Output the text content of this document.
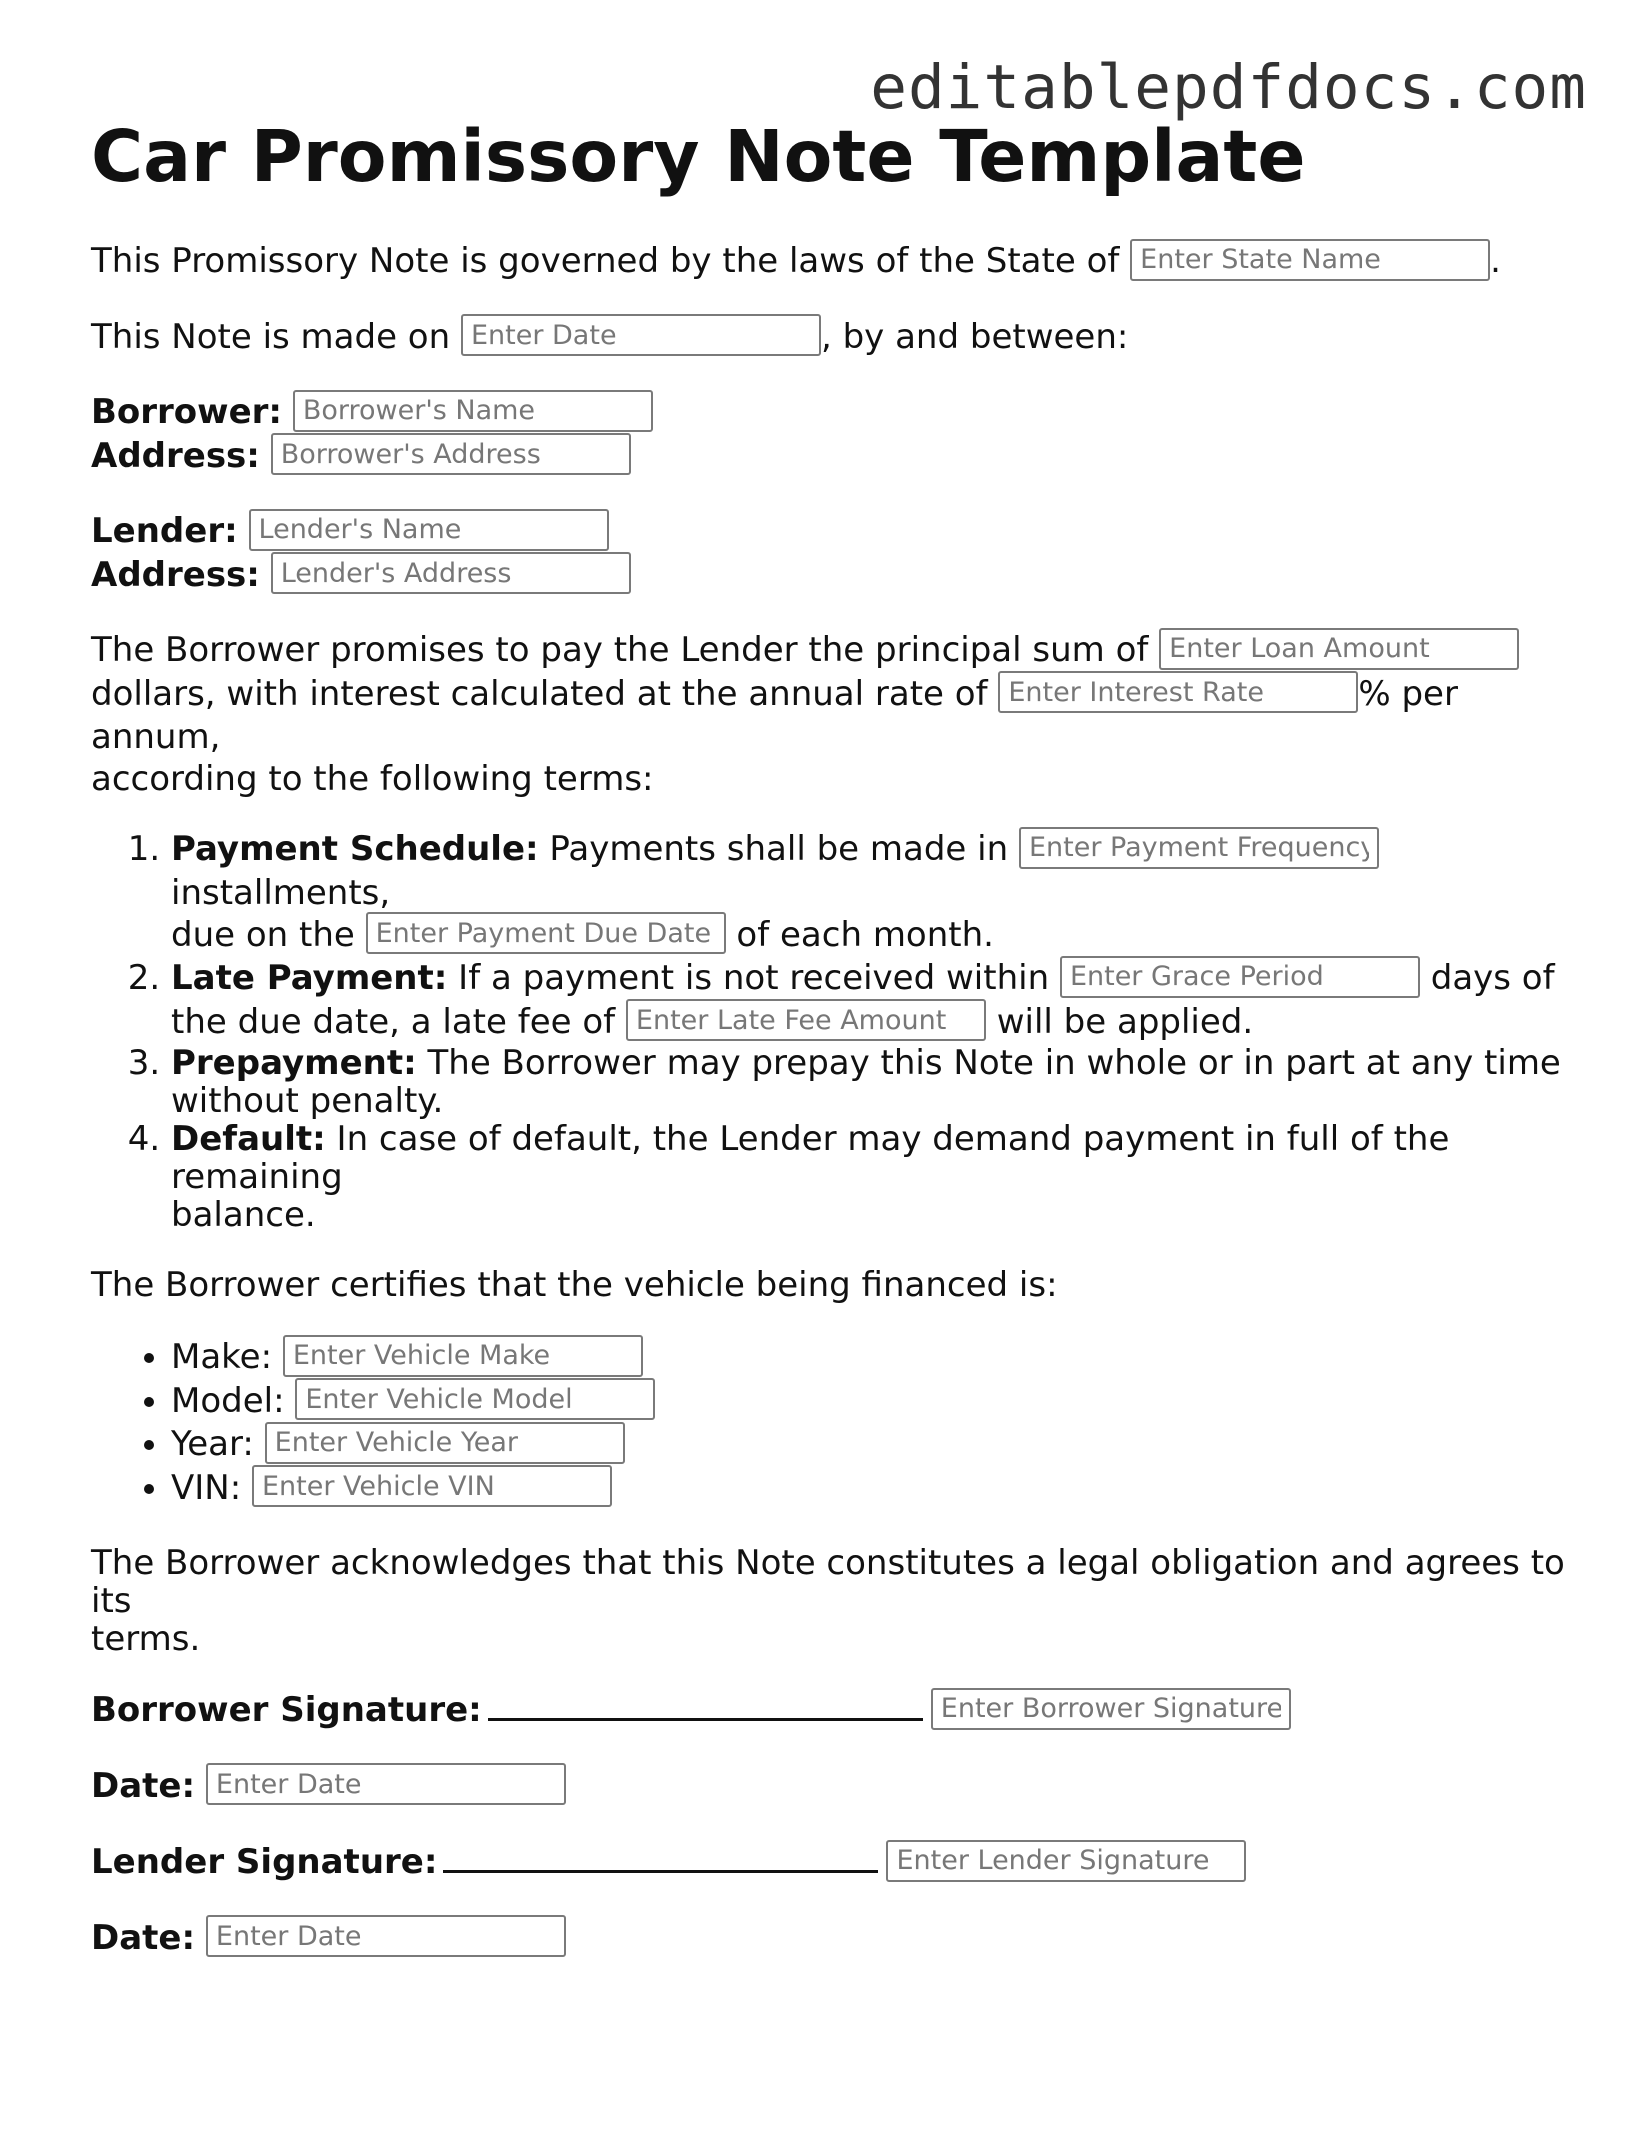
editablepdfdocs.com
Car Promissory Note Template

This Promissory Note is governed by the laws of the State of Enter State Name	.

This Note is made on Enter Date	, by and between:

Borrower: Borrower's Name
Address: Borrower's Address
Lender: Lender's Name
Address: Lender's Address
The Borrower promises to pay the Lender the principal sum of Enter Loan Amount
dollars, with interest calculated at the annual rate of Enter Interest Rate	% per annum,
according to the following terms:
1. Payment Schedule: Payments shall be made in Enter Payment Frequency installments,
due on the Enter Payment Due Date	of each month.
2. Late Payment: If a payment is not received within Enter Grace Period	days of
the due date, a late fee of Enter Late Fee Amount	will be applied.
3. Prepayment: The Borrower may prepay this Note in whole or in part at any time
without penalty.
4. Default: In case of default, the Lender may demand payment in full of the remaining
balance.

The Borrower certifies that the vehicle being financed is:

• Make: Enter Vehicle Make
• Model: Enter Vehicle Model
• Year: Enter Vehicle Year
• VIN: Enter Vehicle VIN
The Borrower acknowledges that this Note constitutes a legal obligation and agrees to its
terms.
Borrower Signature:Enter Borrower Signature
Date: Enter Date
Lender Signature:Enter Lender Signature
Date: Enter Date
